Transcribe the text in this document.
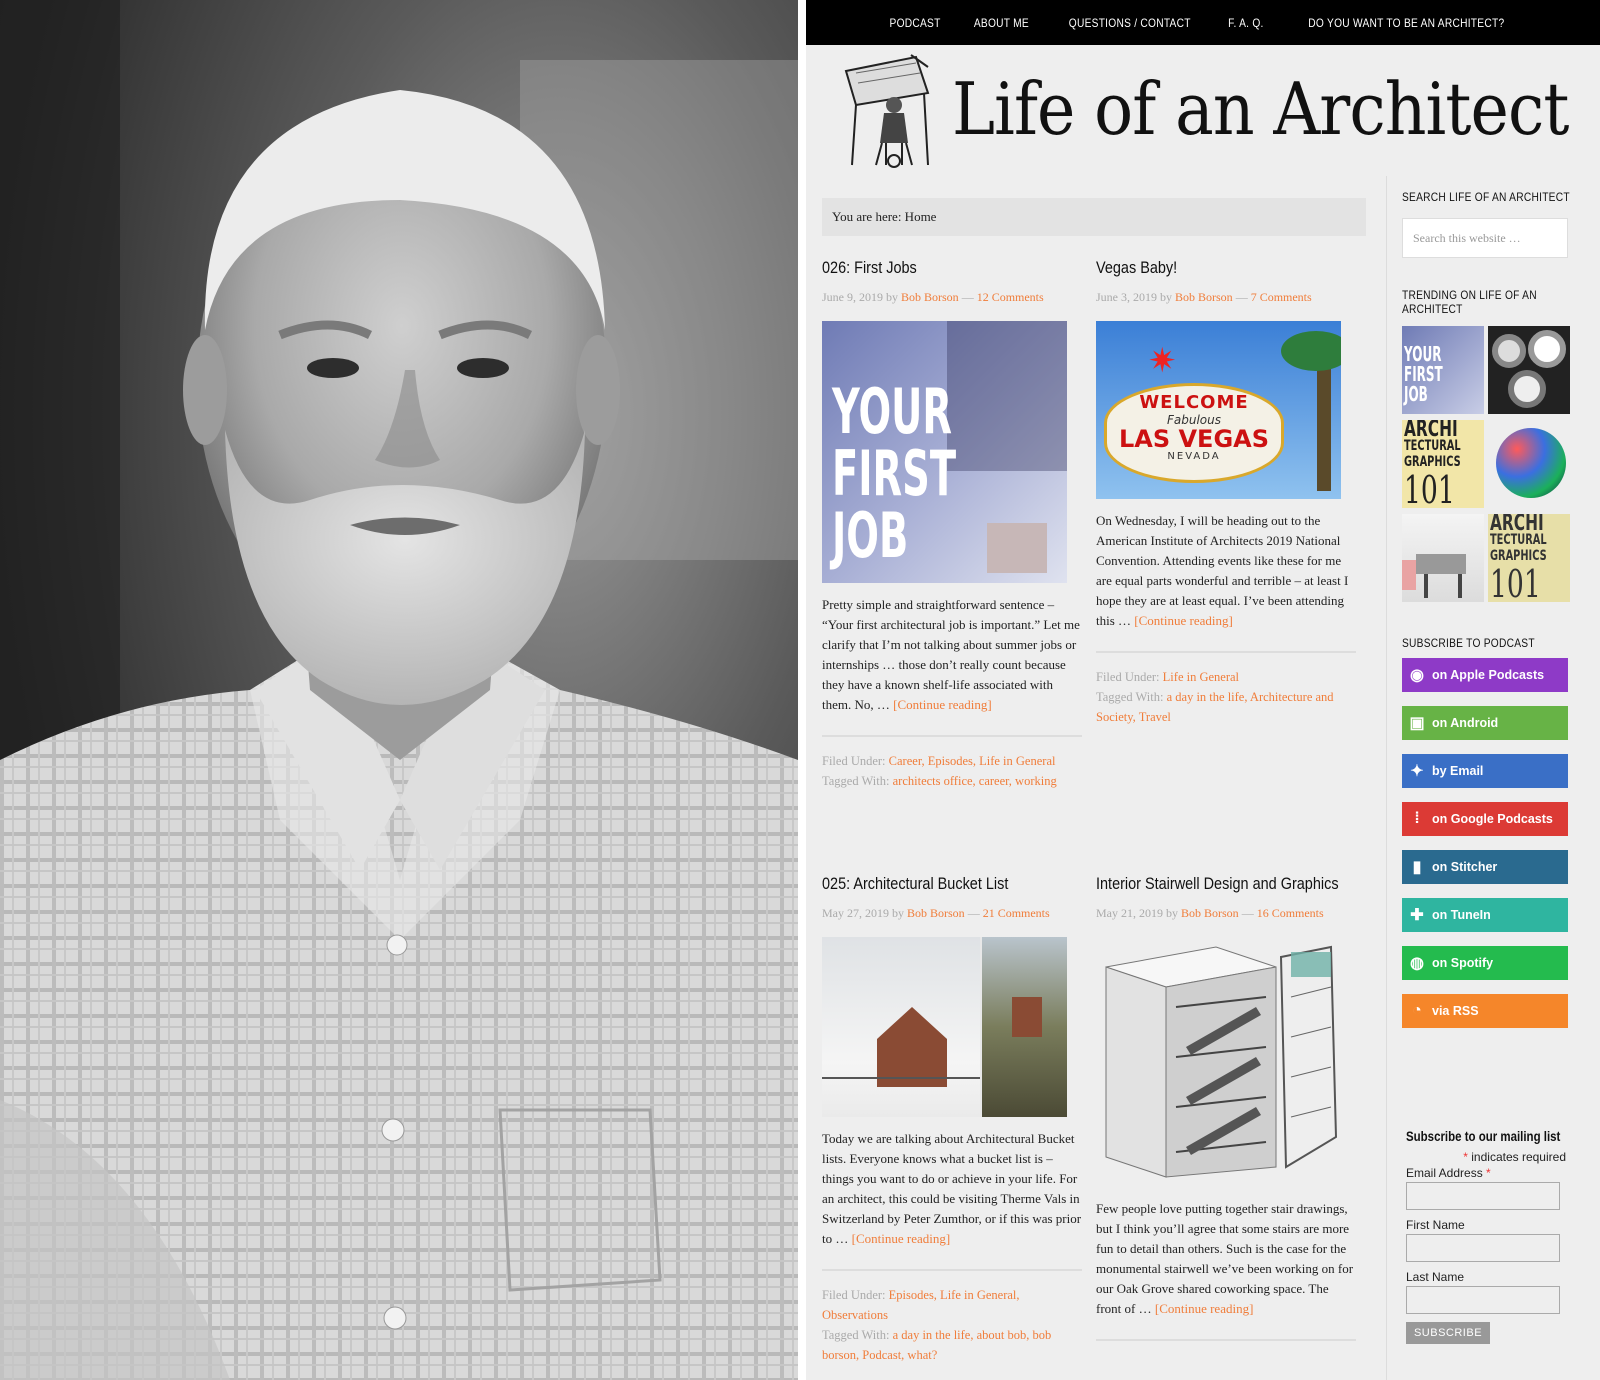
PODCAST	ABOUT ME	QUESTIONS / CONTACT	F. A. Q.	DO YOU WANT TO BE AN ARCHITECT?
Life of an Architect
You are here: Home
026: First Jobs
June 9, 2019 by Bob Borson — 12 Comments
YOUR
FIRST
JOB
Pretty simple and straightforward sentence – “Your first architectural job is important.” Let me clarify that I’m not talking about summer jobs or internships … those don’t really count because they have a known shelf-life associated with them. No, … [Continue reading]
Filed Under: Career, Episodes, Life in General
Tagged With: architects office, career, working
Vegas Baby!
June 3, 2019 by Bob Borson — 7 Comments
✷
WELCOME
Fabulous
LAS VEGAS
NEVADA
On Wednesday, I will be heading out to the American Institute of Architects 2019 National Convention. Attending events like these for me are equal parts wonderful and terrible – at least I hope they are at least equal. I’ve been attending this … [Continue reading]
Filed Under: Life in General
Tagged With: a day in the life, Architecture and Society, Travel
025: Architectural Bucket List
May 27, 2019 by Bob Borson — 21 Comments
Today we are talking about Architectural Bucket lists. Everyone knows what a bucket list is – things you want to do or achieve in your life. For an architect, this could be visiting Therme Vals in Switzerland by Peter Zumthor, or if this was prior to … [Continue reading]
Filed Under: Episodes, Life in General, Observations
Tagged With: a day in the life, about bob, bob borson, Podcast, what?
Interior Stairwell Design and Graphics
May 21, 2019 by Bob Borson — 16 Comments
Few people love putting together stair drawings, but I think you’ll agree that some stairs are more fun to detail than others. Such is the case for the monumental stairwell we’ve been working on for our Oak Grove shared coworking space. The front of … [Continue reading]
SEARCH LIFE OF AN ARCHITECT
Search this website …
TRENDING ON LIFE OF AN ARCHITECT
YOUR
FIRST
JOB
ARCHI
TECTURAL
GRAPHICS
101
ARCHI
TECTURAL
GRAPHICS
101
SUBSCRIBE TO PODCAST
◉ on Apple Podcasts
▣ on Android
✦ by Email
⁞ on Google Podcasts
▮ on Stitcher
✚ on TuneIn
◍ on Spotify
◔ via RSS
Subscribe to our mailing list
* indicates required
Email Address *
First Name
Last Name
SUBSCRIBE
